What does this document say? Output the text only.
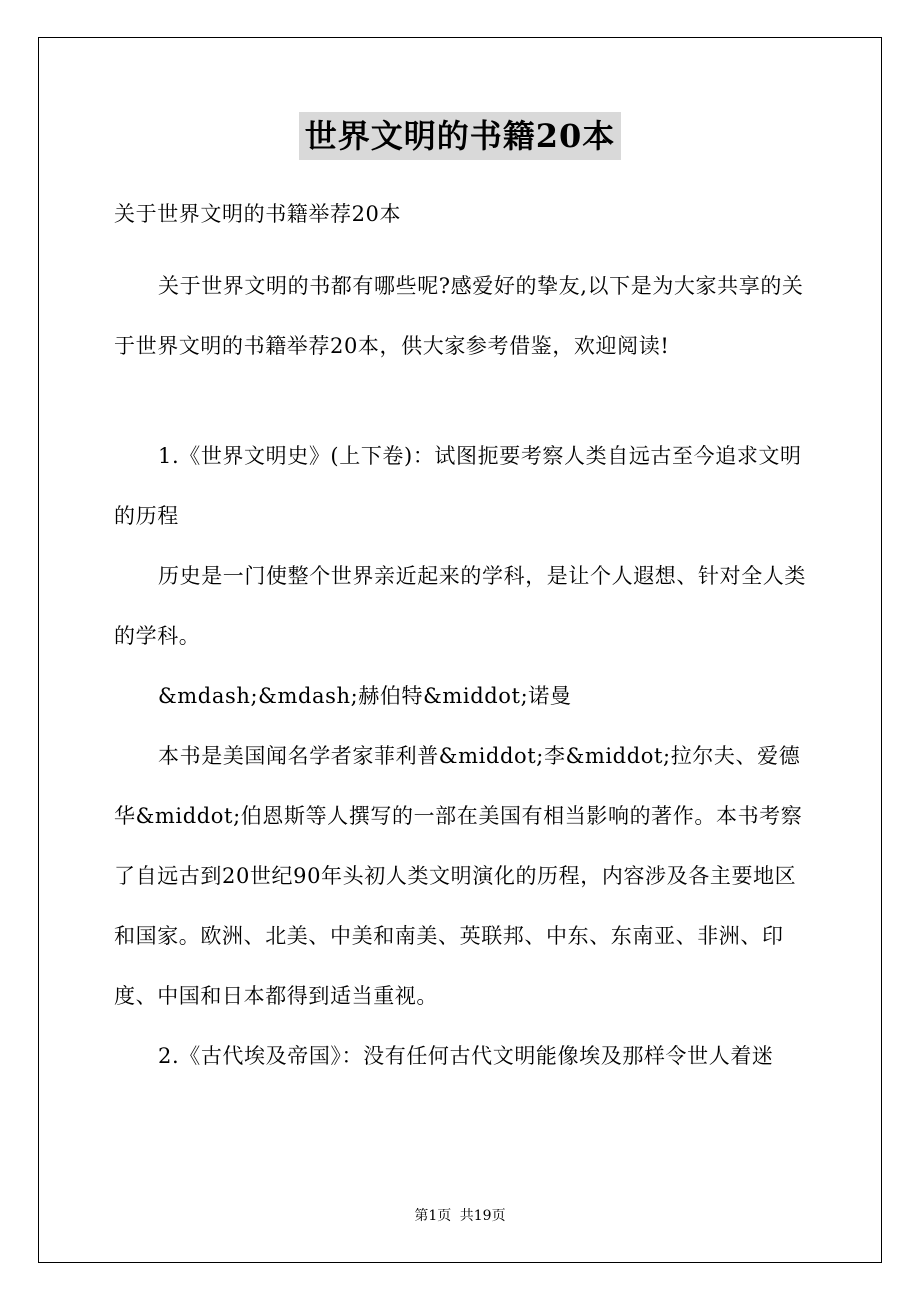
世界文明的书籍20本
关于世界文明的书籍举荐20本
关于世界文明的书都有哪些呢?感爱好的挚友,以下是为大家共享的关于世界文明的书籍举荐20本，供大家参考借鉴，欢迎阅读!
1.《世界文明史》(上下卷)：试图扼要考察人类自远古至今追求文明的历程
历史是一门使整个世界亲近起来的学科，是让个人遐想、针对全人类的学科。
&mdash;&mdash;赫伯特&middot;诺曼
本书是美国闻名学者家菲利普&middot;李&middot;拉尔夫、爱德华&middot;伯恩斯等人撰写的一部在美国有相当影响的著作。本书考察了自远古到20世纪90年头初人类文明演化的历程，内容涉及各主要地区和国家。欧洲、北美、中美和南美、英联邦、中东、东南亚、非洲、印度、中国和日本都得到适当重视。
2.《古代埃及帝国》：没有任何古代文明能像埃及那样令世人着迷
第1页 共19页
